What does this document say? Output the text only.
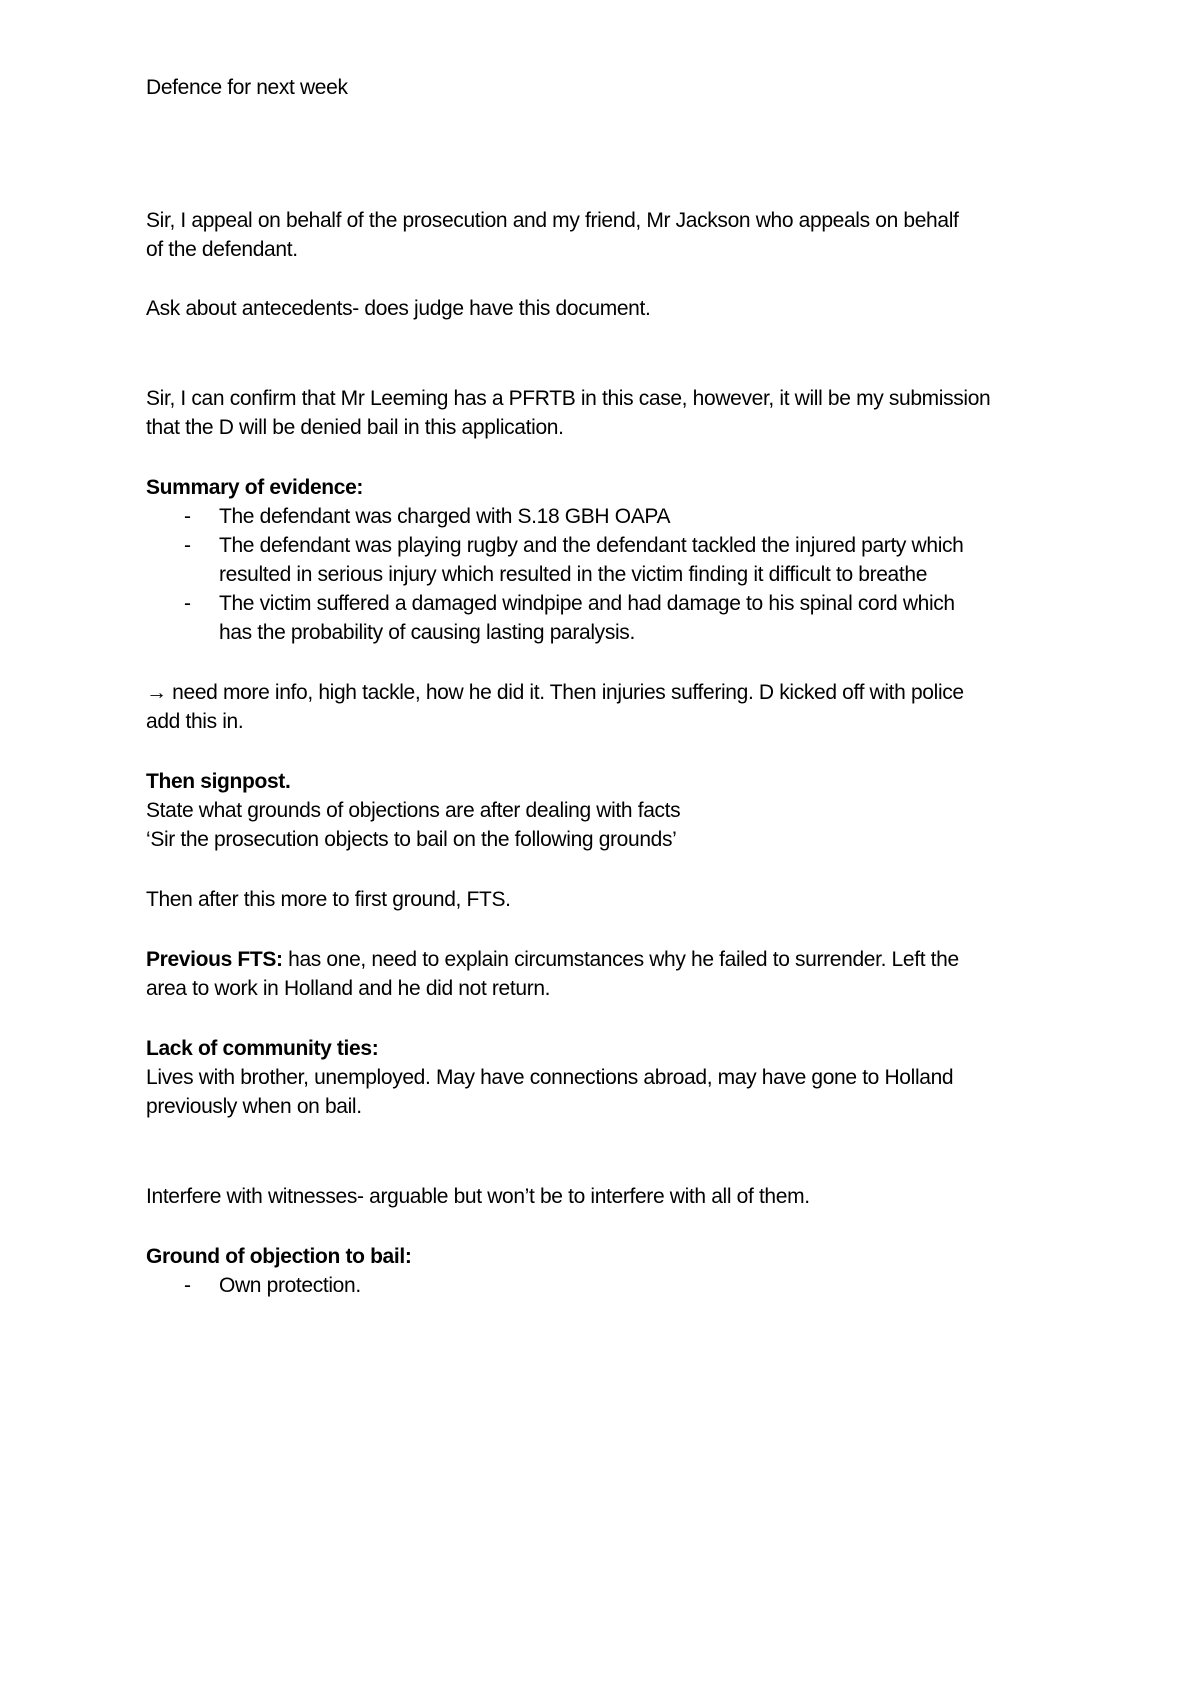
Defence for next week
Sir, I appeal on behalf of the prosecution and my friend, Mr Jackson who appeals on behalf
of the defendant.
Ask about antecedents- does judge have this document.
Sir, I can confirm that Mr Leeming has a PFRTB in this case, however, it will be my submission
that the D will be denied bail in this application.
Summary of evidence:
- The defendant was charged with S.18 GBH OAPA
- The defendant was playing rugby and the defendant tackled the injured party which
resulted in serious injury which resulted in the victim finding it difficult to breathe
- The victim suffered a damaged windpipe and had damage to his spinal cord which
has the probability of causing lasting paralysis.
→ need more info, high tackle, how he did it. Then injuries suffering. D kicked off with police
add this in.
Then signpost.
State what grounds of objections are after dealing with facts
‘Sir the prosecution objects to bail on the following grounds’
Then after this more to first ground, FTS.
Previous FTS: has one, need to explain circumstances why he failed to surrender. Left the
area to work in Holland and he did not return.
Lack of community ties:
Lives with brother, unemployed. May have connections abroad, may have gone to Holland
previously when on bail.
Interfere with witnesses- arguable but won’t be to interfere with all of them.
Ground of objection to bail:
- Own protection.
